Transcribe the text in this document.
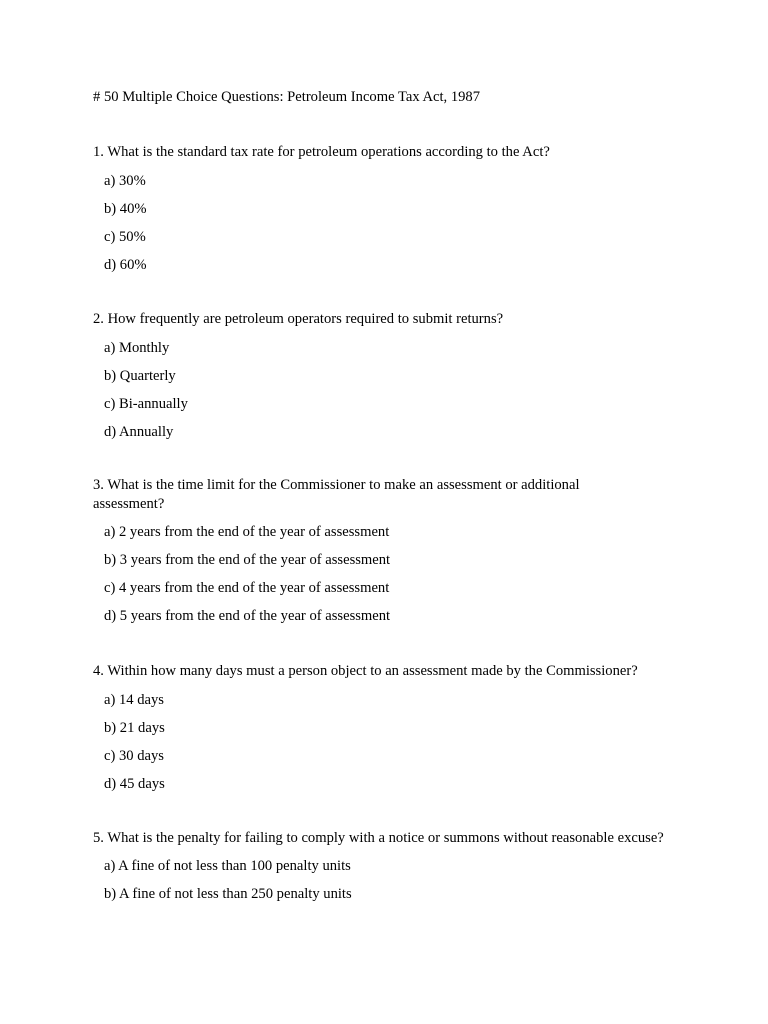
# 50 Multiple Choice Questions: Petroleum Income Tax Act, 1987

1. What is the standard tax rate for petroleum operations according to the Act?

a) 30%
b) 40%
c) 50%
d) 60%

2. How frequently are petroleum operators required to submit returns?

a) Monthly
b) Quarterly
c) Bi-annually
d) Annually

3. What is the time limit for the Commissioner to make an assessment or additional assessment?

a) 2 years from the end of the year of assessment
b) 3 years from the end of the year of assessment
c) 4 years from the end of the year of assessment
d) 5 years from the end of the year of assessment

4. Within how many days must a person object to an assessment made by the Commissioner?

a) 14 days
b) 21 days
c) 30 days
d) 45 days

5. What is the penalty for failing to comply with a notice or summons without reasonable excuse?

a) A fine of not less than 100 penalty units
b) A fine of not less than 250 penalty units
